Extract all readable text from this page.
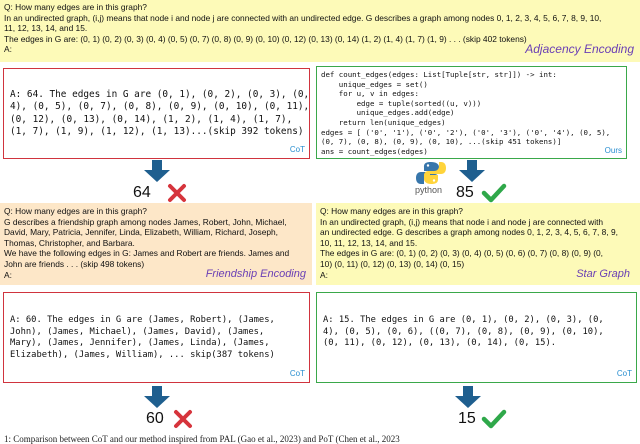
Q: How many edges are in this graph?
In an undirected graph, (i,j) means that node i and node j are connected with an undirected edge. G describes a graph among nodes 0, 1, 2, 3, 4, 5, 6, 7, 8, 9, 10,
11, 12, 13, 14, and 15.
The edges in G are: (0, 1) (0, 2) (0, 3) (0, 4) (0, 5) (0, 7) (0, 8) (0, 9) (0, 10) (0, 12) (0, 13) (0, 14) (1, 2) (1, 4) (1, 7) (1, 9) . . . (skip 402 tokens)
A:	Adjacency Encoding
A: 64. The edges in G are (0, 1), (0, 2), (0, 3), (0,
4), (0, 5), (0, 7), (0, 8), (0, 9), (0, 10), (0, 11),
(0, 12), (0, 13), (0, 14), (1, 2), (1, 4), (1, 7),
(1, 7), (1, 9), (1, 12), (1, 13)...(skip 392 tokens)
CoT
def count_edges(edges: List[Tuple[str, str]]) -> int:
unique_edges = set()
for u, v in edges:
edge = tuple(sorted((u, v)))
unique_edges.add(edge)
return len(unique_edges)
edges = [ ('0', '1'), ('0', '2'), ('0', '3'), ('0', '4'), (0, 5),
(0, 7), (0, 8), (0, 9), (0, 10), ...(skip 451 tokens)]
ans = count_edges(edges)	Ours
64	python 85
Q: How many edges are in this graph?
G describes a friendship graph among nodes James, Robert, John, Michael,
David, Mary, Patricia, Jennifer, Linda, Elizabeth, William, Richard, Joseph,
Thomas, Christopher, and Barbara.
We have the following edges in G: James and Robert are friends. James and
John are friends . . . (skip 498 tokens)
A:	Friendship Encoding
Q: How many edges are in this graph?
In an undirected graph, (i,j) means that node i and node j are connected with
an undirected edge. G describes a graph among nodes 0, 1, 2, 3, 4, 5, 6, 7, 8, 9,
10, 11, 12, 13, 14, and 15.
The edges in G are: (0, 1) (0, 2) (0, 3) (0, 4) (0, 5) (0, 6) (0, 7) (0, 8) (0, 9) (0,
10) (0, 11) (0, 12) (0, 13) (0, 14) (0, 15)
A:	Star Graph
A: 60. The edges in G are (James, Robert), (James,
John), (James, Michael), (James, David), (James,
Mary), (James, Jennifer), (James, Linda), (James,
Elizabeth), (James, William), ... skip(387 tokens)
CoT
A: 15. The edges in G are (0, 1), (0, 2), (0, 3), (0,
4), (0, 5), (0, 6), ((0, 7), (0, 8), (0, 9), (0, 10),
(0, 11), (0, 12), (0, 13), (0, 14), (0, 15).
CoT
60	15
1: Comparison between CoT and our method inspired from PAL (Gao et al., 2023) and PoT (Chen et al., 2023
